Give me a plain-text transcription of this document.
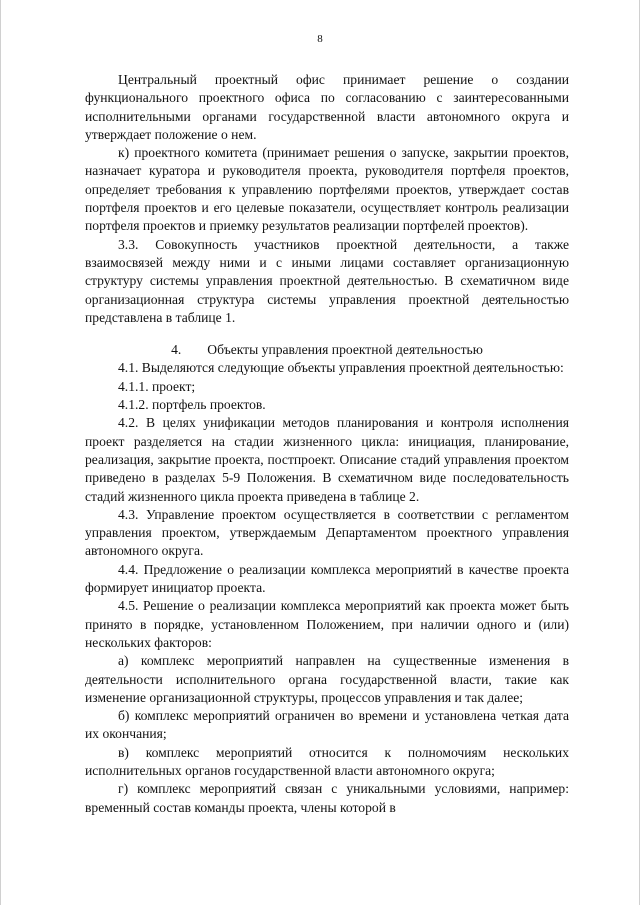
8

Центральный проектный офис принимает решение о создании функционального проектного офиса по согласованию с заинтересованными исполнительными органами государственной власти автономного округа и утверждает положение о нем.

к) проектного комитета (принимает решения о запуске, закрытии проектов, назначает куратора и руководителя проекта, руководителя портфеля проектов, определяет требования к управлению портфелями проектов, утверждает состав портфеля проектов и его целевые показатели, осуществляет контроль реализации портфеля проектов и приемку результатов реализации портфелей проектов).

3.3. Совокупность участников проектной деятельности, а также взаимосвязей между ними и с иными лицами составляет организационную структуру системы управления проектной деятельностью. В схематичном виде организационная структура системы управления проектной деятельностью представлена в таблице 1.

4. Объекты управления проектной деятельностью

4.1. Выделяются следующие объекты управления проектной деятельностью:

4.1.1. проект;

4.1.2. портфель проектов.

4.2. В целях унификации методов планирования и контроля исполнения проект разделяется на стадии жизненного цикла: инициация, планирование, реализация, закрытие проекта, постпроект. Описание стадий управления проектом приведено в разделах 5-9 Положения. В схематичном виде последовательность стадий жизненного цикла проекта приведена в таблице 2.

4.3. Управление проектом осуществляется в соответствии с регламентом управления проектом, утверждаемым Департаментом проектного управления автономного округа.

4.4. Предложение о реализации комплекса мероприятий в качестве проекта формирует инициатор проекта.

4.5. Решение о реализации комплекса мероприятий как проекта может быть принято в порядке, установленном Положением, при наличии одного и (или) нескольких факторов:

а) комплекс мероприятий направлен на существенные изменения в деятельности исполнительного органа государственной власти, такие как изменение организационной структуры, процессов управления и так далее;

б) комплекс мероприятий ограничен во времени и установлена четкая дата их окончания;

в) комплекс мероприятий относится к полномочиям нескольких исполнительных органов государственной власти автономного округа;

г) комплекс мероприятий связан с уникальными условиями, например: временный состав команды проекта, члены которой в
